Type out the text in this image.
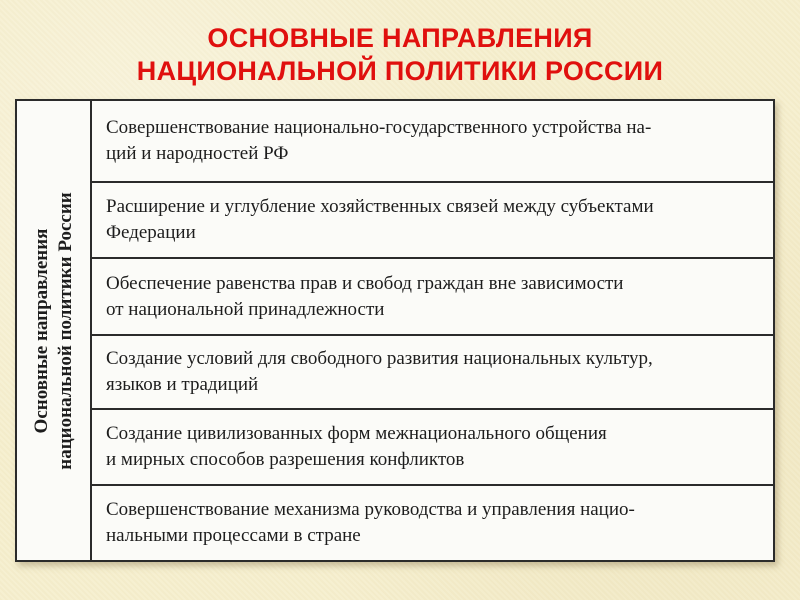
ОСНОВНЫЕ НАПРАВЛЕНИЯ
НАЦИОНАЛЬНОЙ ПОЛИТИКИ РОССИИ
Основные направления национальной политики России
Совершенствование национально-государственного устройства на-
ций и народностей РФ
Расширение и углубление хозяйственных связей между субъектами
Федерации
Обеспечение равенства прав и свобод граждан вне зависимости
от национальной принадлежности
Создание условий для свободного развития национальных культур,
языков и традиций
Создание цивилизованных форм межнационального общения
и мирных способов разрешения конфликтов
Совершенствование механизма руководства и управления нацио-
нальными процессами в стране
